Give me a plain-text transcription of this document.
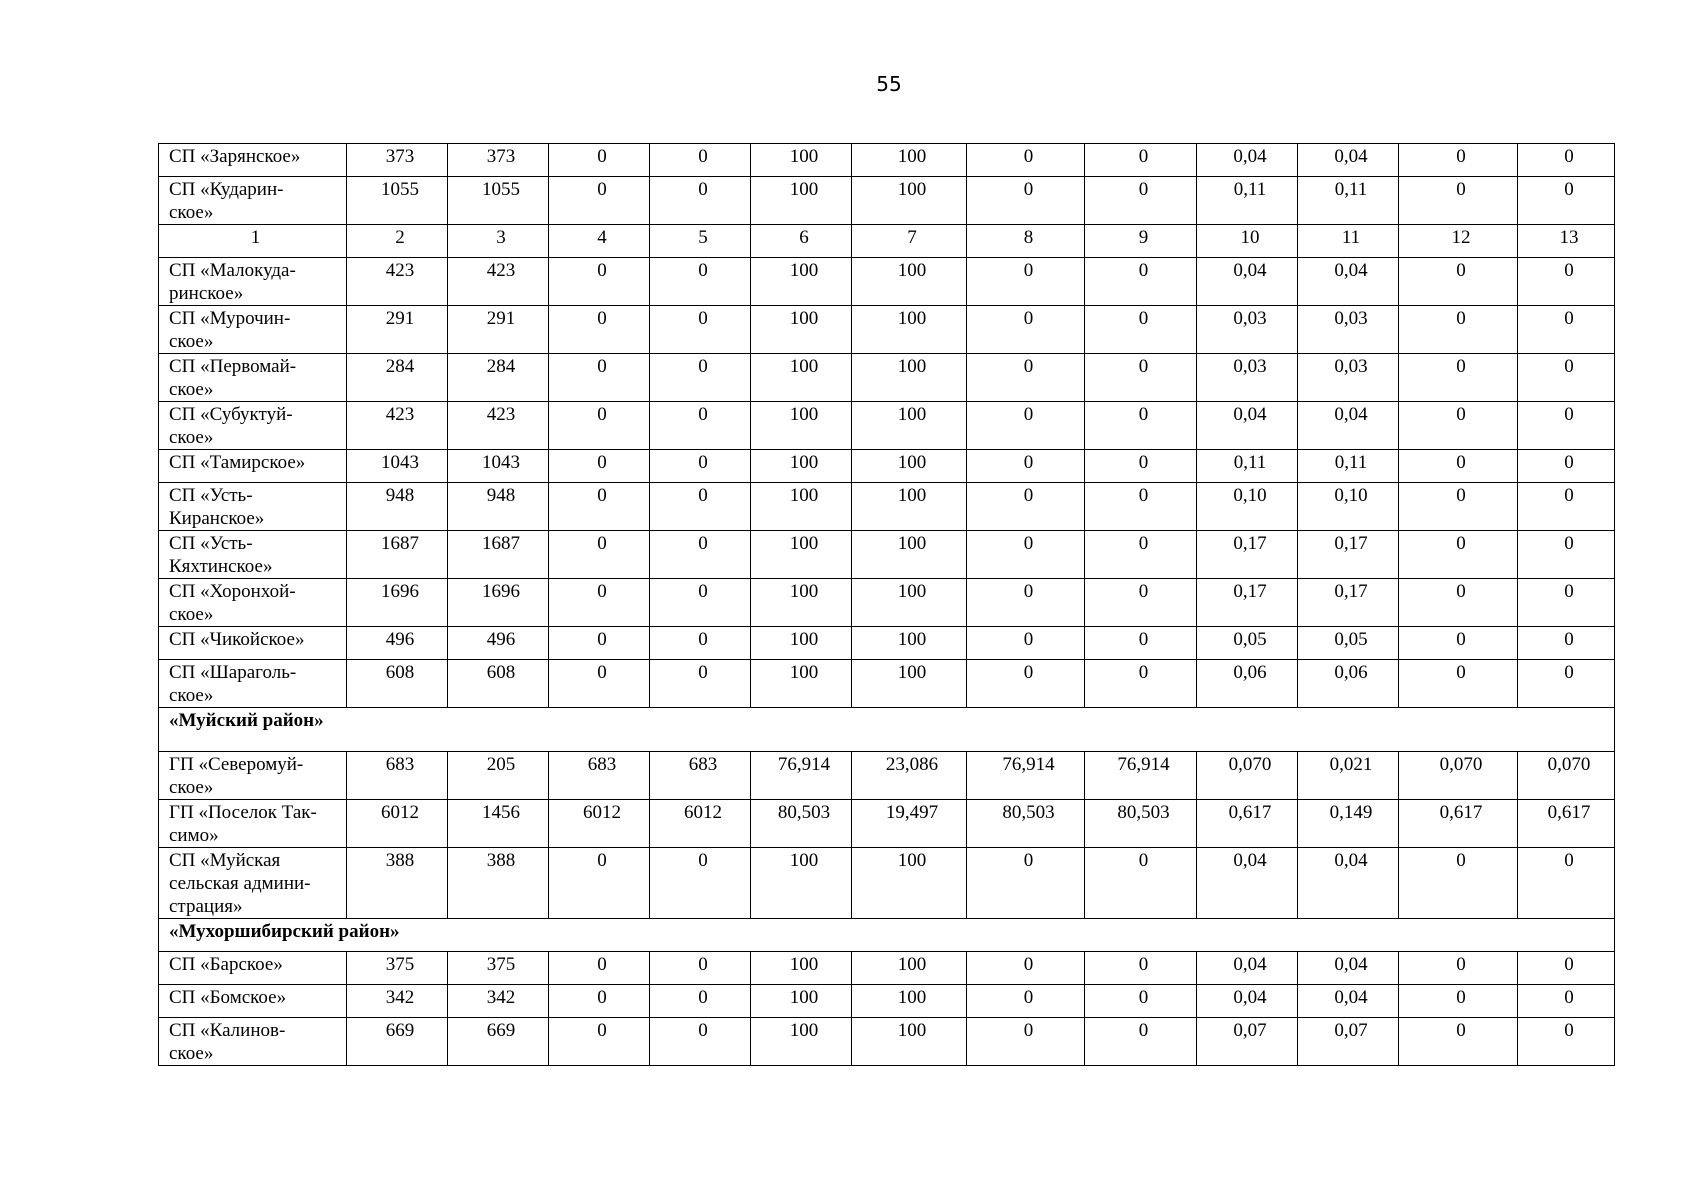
55
СП «Зарянское»	373	373	0	0	100	100	0	0	0,04	0,04	0	0
СП «Кударин-
ское»	1055	1055	0	0	100	100	0	0	0,11	0,11	0	0
1	2	3	4	5	6	7	8	9	10	11	12	13
СП «Малокуда-
ринское»	423	423	0	0	100	100	0	0	0,04	0,04	0	0
СП «Мурочин-
ское»	291	291	0	0	100	100	0	0	0,03	0,03	0	0
СП «Первомай-
ское»	284	284	0	0	100	100	0	0	0,03	0,03	0	0
СП «Субуктуй-
ское»	423	423	0	0	100	100	0	0	0,04	0,04	0	0
СП «Тамирское»	1043	1043	0	0	100	100	0	0	0,11	0,11	0	0
СП «Усть-
Киранское»	948	948	0	0	100	100	0	0	0,10	0,10	0	0
СП «Усть-
Кяхтинское»	1687	1687	0	0	100	100	0	0	0,17	0,17	0	0
СП «Хоронхой-
ское»	1696	1696	0	0	100	100	0	0	0,17	0,17	0	0
СП «Чикойское»	496	496	0	0	100	100	0	0	0,05	0,05	0	0
СП «Шараголь-
ское»	608	608	0	0	100	100	0	0	0,06	0,06	0	0
«Муйский район»												
ГП «Северомуй-
ское»	683	205	683	683	76,914	23,086	76,914	76,914	0,070	0,021	0,070	0,070
ГП «Поселок Так-
симо»	6012	1456	6012	6012	80,503	19,497	80,503	80,503	0,617	0,149	0,617	0,617
СП «Муйская
сельская админи-
страция»	388	388	0	0	100	100	0	0	0,04	0,04	0	0
«Мухоршибирский район»												
СП «Барское»	375	375	0	0	100	100	0	0	0,04	0,04	0	0
СП «Бомское»	342	342	0	0	100	100	0	0	0,04	0,04	0	0
СП «Калинов-
ское»	669	669	0	0	100	100	0	0	0,07	0,07	0	0
